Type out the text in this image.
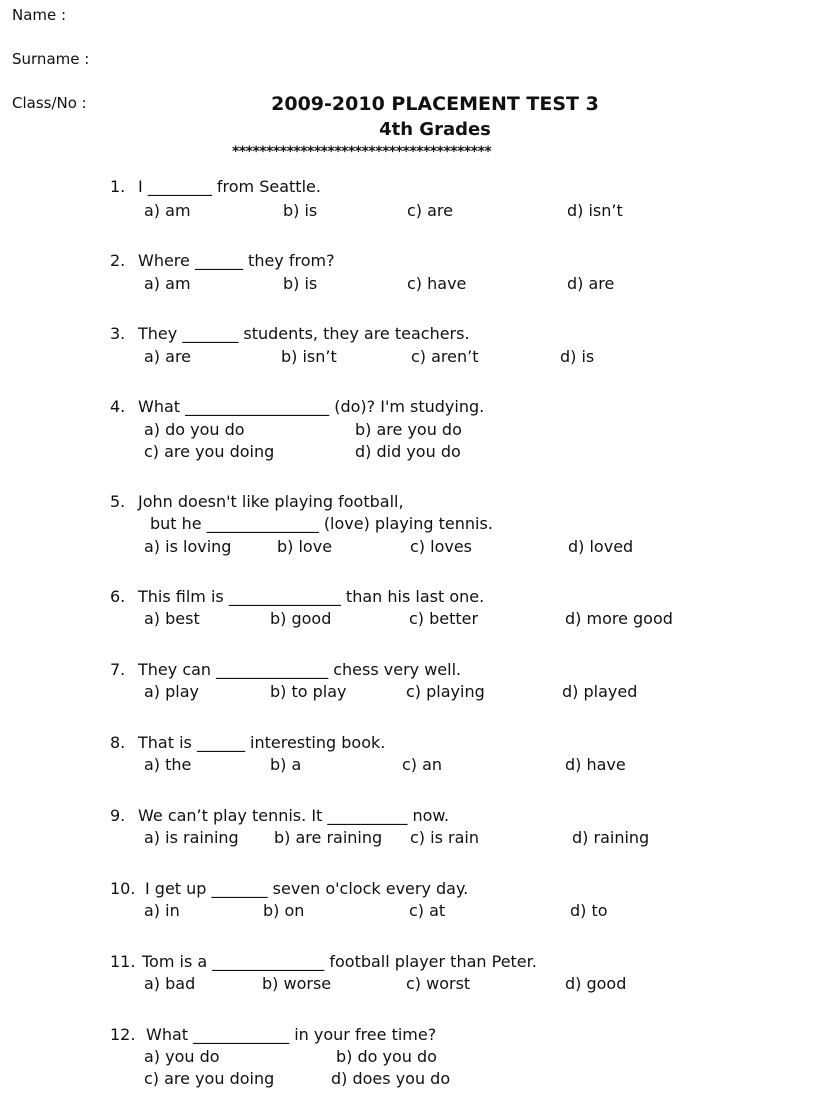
Name :
Surname :
Class/No :	2009-2010 PLACEMENT TEST 3
4th Grades
**************************************
1. I ________ from Seattle.
a) am	b) is	c) are	d) isn’t
2. Where ______ they from?
a) am	b) is	c) have	d) are
3. They _______ students, they are teachers.
a) are	b) isn’t	c) aren’t	d) is
4. What __________________ (do)? I'm studying.
a) do you do	b) are you do
c) are you doing	d) did you do
5. John doesn't like playing football,
but he ______________ (love) playing tennis.
a) is loving	b) love	c) loves	d) loved
6. This film is ______________ than his last one.
a) best	b) good	c) better	d) more good
7. They can ______________ chess very well.
a) play	b) to play	c) playing	d) played
8. That is ______ interesting book.
a) the	b) a	c) an	d) have
9. We can’t play tennis. It __________ now.
a) is raining b) are raining c) is rain	d) raining
10. I get up _______ seven o'clock every day.
a) in	b) on	c) at	d) to
11. Tom is a ______________ football player than Peter.
a) bad	b) worse	c) worst	d) good
12. What ____________ in your free time?
a) you do	b) do you do
c) are you doing	d) does you do
